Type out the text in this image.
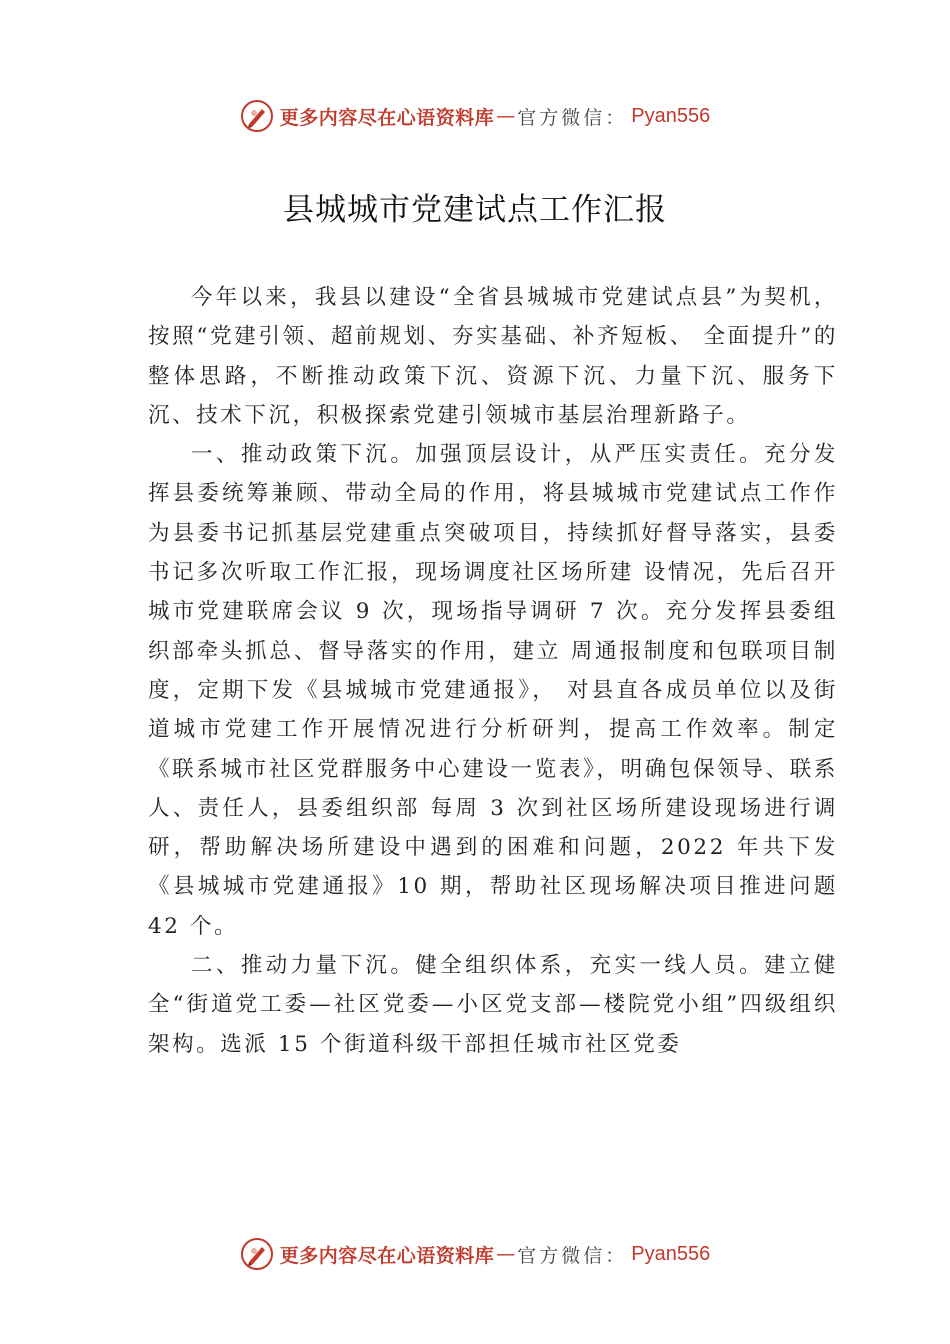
更多内容尽在心语资料库 — 官方微信： Pyan556
县城城市党建试点工作汇报

今年以来，我县以建设“全省县城城市党建试点县”为契机，按照“党建引领、超前规划、夯实基础、补齐短板、 全面提升”的整体思路，不断推动政策下沉、资源下沉、力量下沉、服务下沉、技术下沉，积极探索党建引领城市基层治理新路子。

一、推动政策下沉。加强顶层设计，从严压实责任。充分发挥县委统筹兼顾、带动全局的作用，将县城城市党建试点工作作为县委书记抓基层党建重点突破项目，持续抓好督导落实，县委书记多次听取工作汇报，现场调度社区场所建 设情况，先后召开城市党建联席会议 9 次，现场指导调研 7 次。充分发挥县委组织部牵头抓总、督导落实的作用，建立 周通报制度和包联项目制度，定期下发《县城城市党建通报》， 对县直各成员单位以及街道城市党建工作开展情况进行分析研判，提高工作效率。制定《联系城市社区党群服务中心建设一览表》，明确包保领导、联系人、责任人，县委组织部 每周 3 次到社区场所建设现场进行调研，帮助解决场所建设中遇到的困难和问题，2022 年共下发《县城城市党建通报》10 期，帮助社区现场解决项目推进问题 42 个。

二、推动力量下沉。健全组织体系，充实一线人员。建立健全“街道党工委—社区党委—小区党支部—楼院党小组”四级组织架构。选派 15 个街道科级干部担任城市社区党委

更多内容尽在心语资料库 — 官方微信： Pyan556
